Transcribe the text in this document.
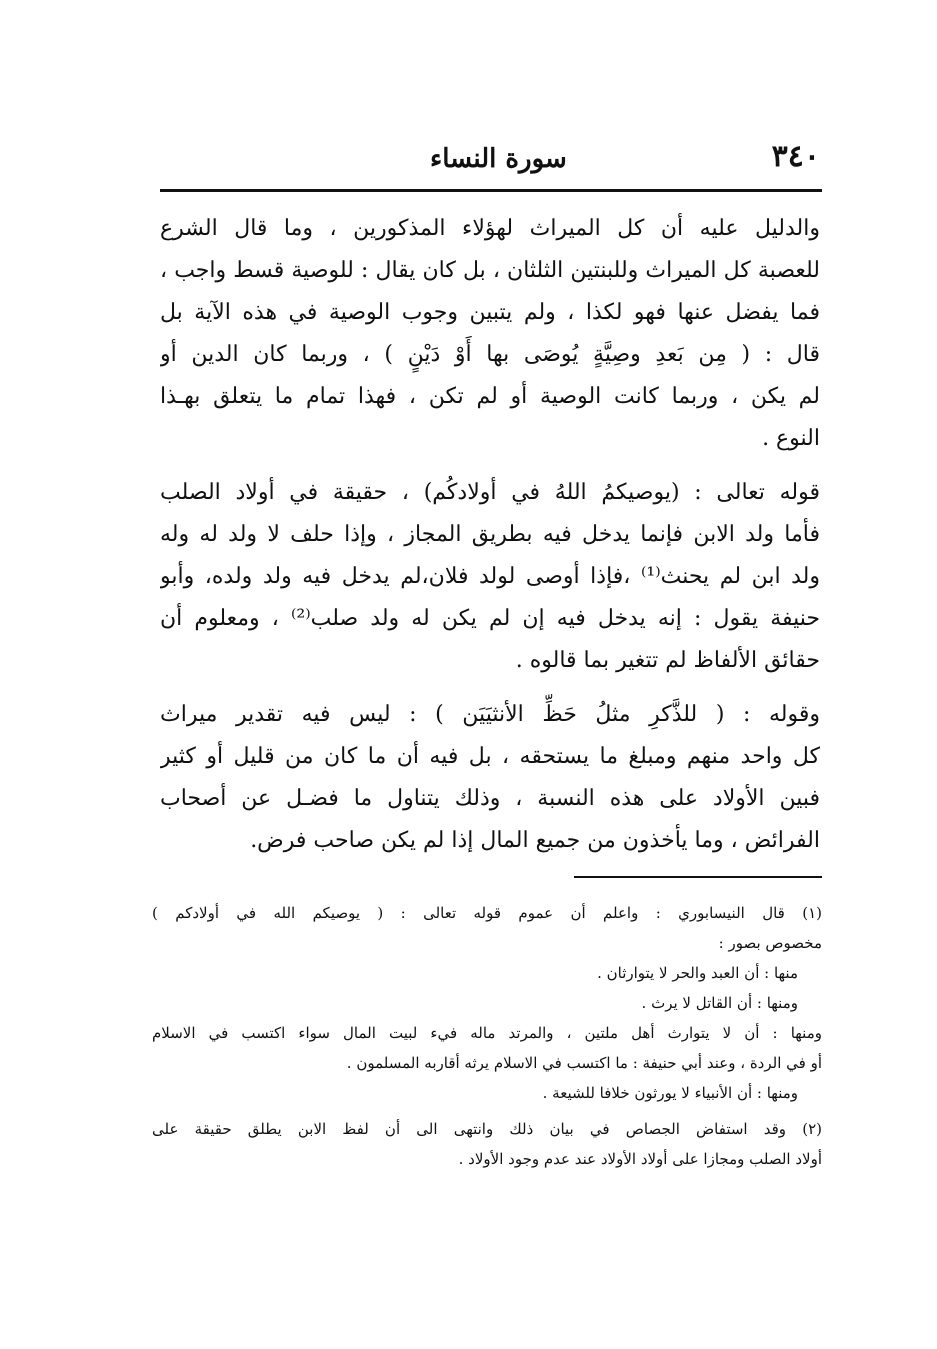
٣٤٠
سورة النساء
والدليل عليه أن كل الميراث لهؤلاء المذكورين ، وما قال الشرع
للعصبة كل الميراث وللبنتين الثلثان ، بل كان يقال : للوصية قسط واجب ،
فما يفضل عنها فهو لكذا ، ولم يتبين وجوب الوصية في هذه الآية بل
قال : ( مِن بَعدِ وصِيَّةٍ يُوصَى بها أَوْ دَيْنٍ ) ، وربما كان الدين أو
لم يكن ، وربما كانت الوصية أو لم تكن ، فهذا تمام ما يتعلق بهـذا
النوع .
قوله تعالى : (يوصيكمُ اللهُ في أولادكُم) ، حقيقة في أولاد الصلب
فأما ولد الابن فإنما يدخل فيه بطريق المجاز ، وإذا حلف لا ولد له وله
ولد ابن لم يحنث⁽¹⁾ ،فإذا أوصى لولد فلان،لم يدخل فيه ولد ولده، وأبو
حنيفة يقول : إنه يدخل فيه إن لم يكن له ولد صلب⁽²⁾ ، ومعلوم أن
حقائق الألفاظ لم تتغير بما قالوه .
وقوله : ( للذَّكرِ مثلُ حَظِّ الأنثيَيَن ) : ليس فيه تقدير ميراث
كل واحد منهم ومبلغ ما يستحقه ، بل فيه أن ما كان من قليل أو كثير
فبين الأولاد على هذه النسبة ، وذلك يتناول ما فضـل عن أصحاب
الفرائض ، وما يأخذون من جميع المال إذا لم يكن صاحب فرض.
(١) قال النيسابوري : واعلم أن عموم قوله تعالى : ( يوصيكم الله في أولادكم )
مخصوص بصور :
منها : أن العبد والحر لا يتوارثان .
ومنها : أن القاتل لا يرث .
ومنها : أن لا يتوارث أهل ملتين ، والمرتد ماله فيء لبيت المال سواء اكتسب في الاسلام
أو في الردة ، وعند أبي حنيفة : ما اكتسب في الاسلام يرثه أقاربه المسلمون .
ومنها : أن الأنبياء لا يورثون خلافا للشيعة .
(٢) وقد استفاض الجصاص في بيان ذلك وانتهى الى أن لفظ الابن يطلق حقيقة على
أولاد الصلب ومجازا على أولاد الأولاد عند عدم وجود الأولاد .
